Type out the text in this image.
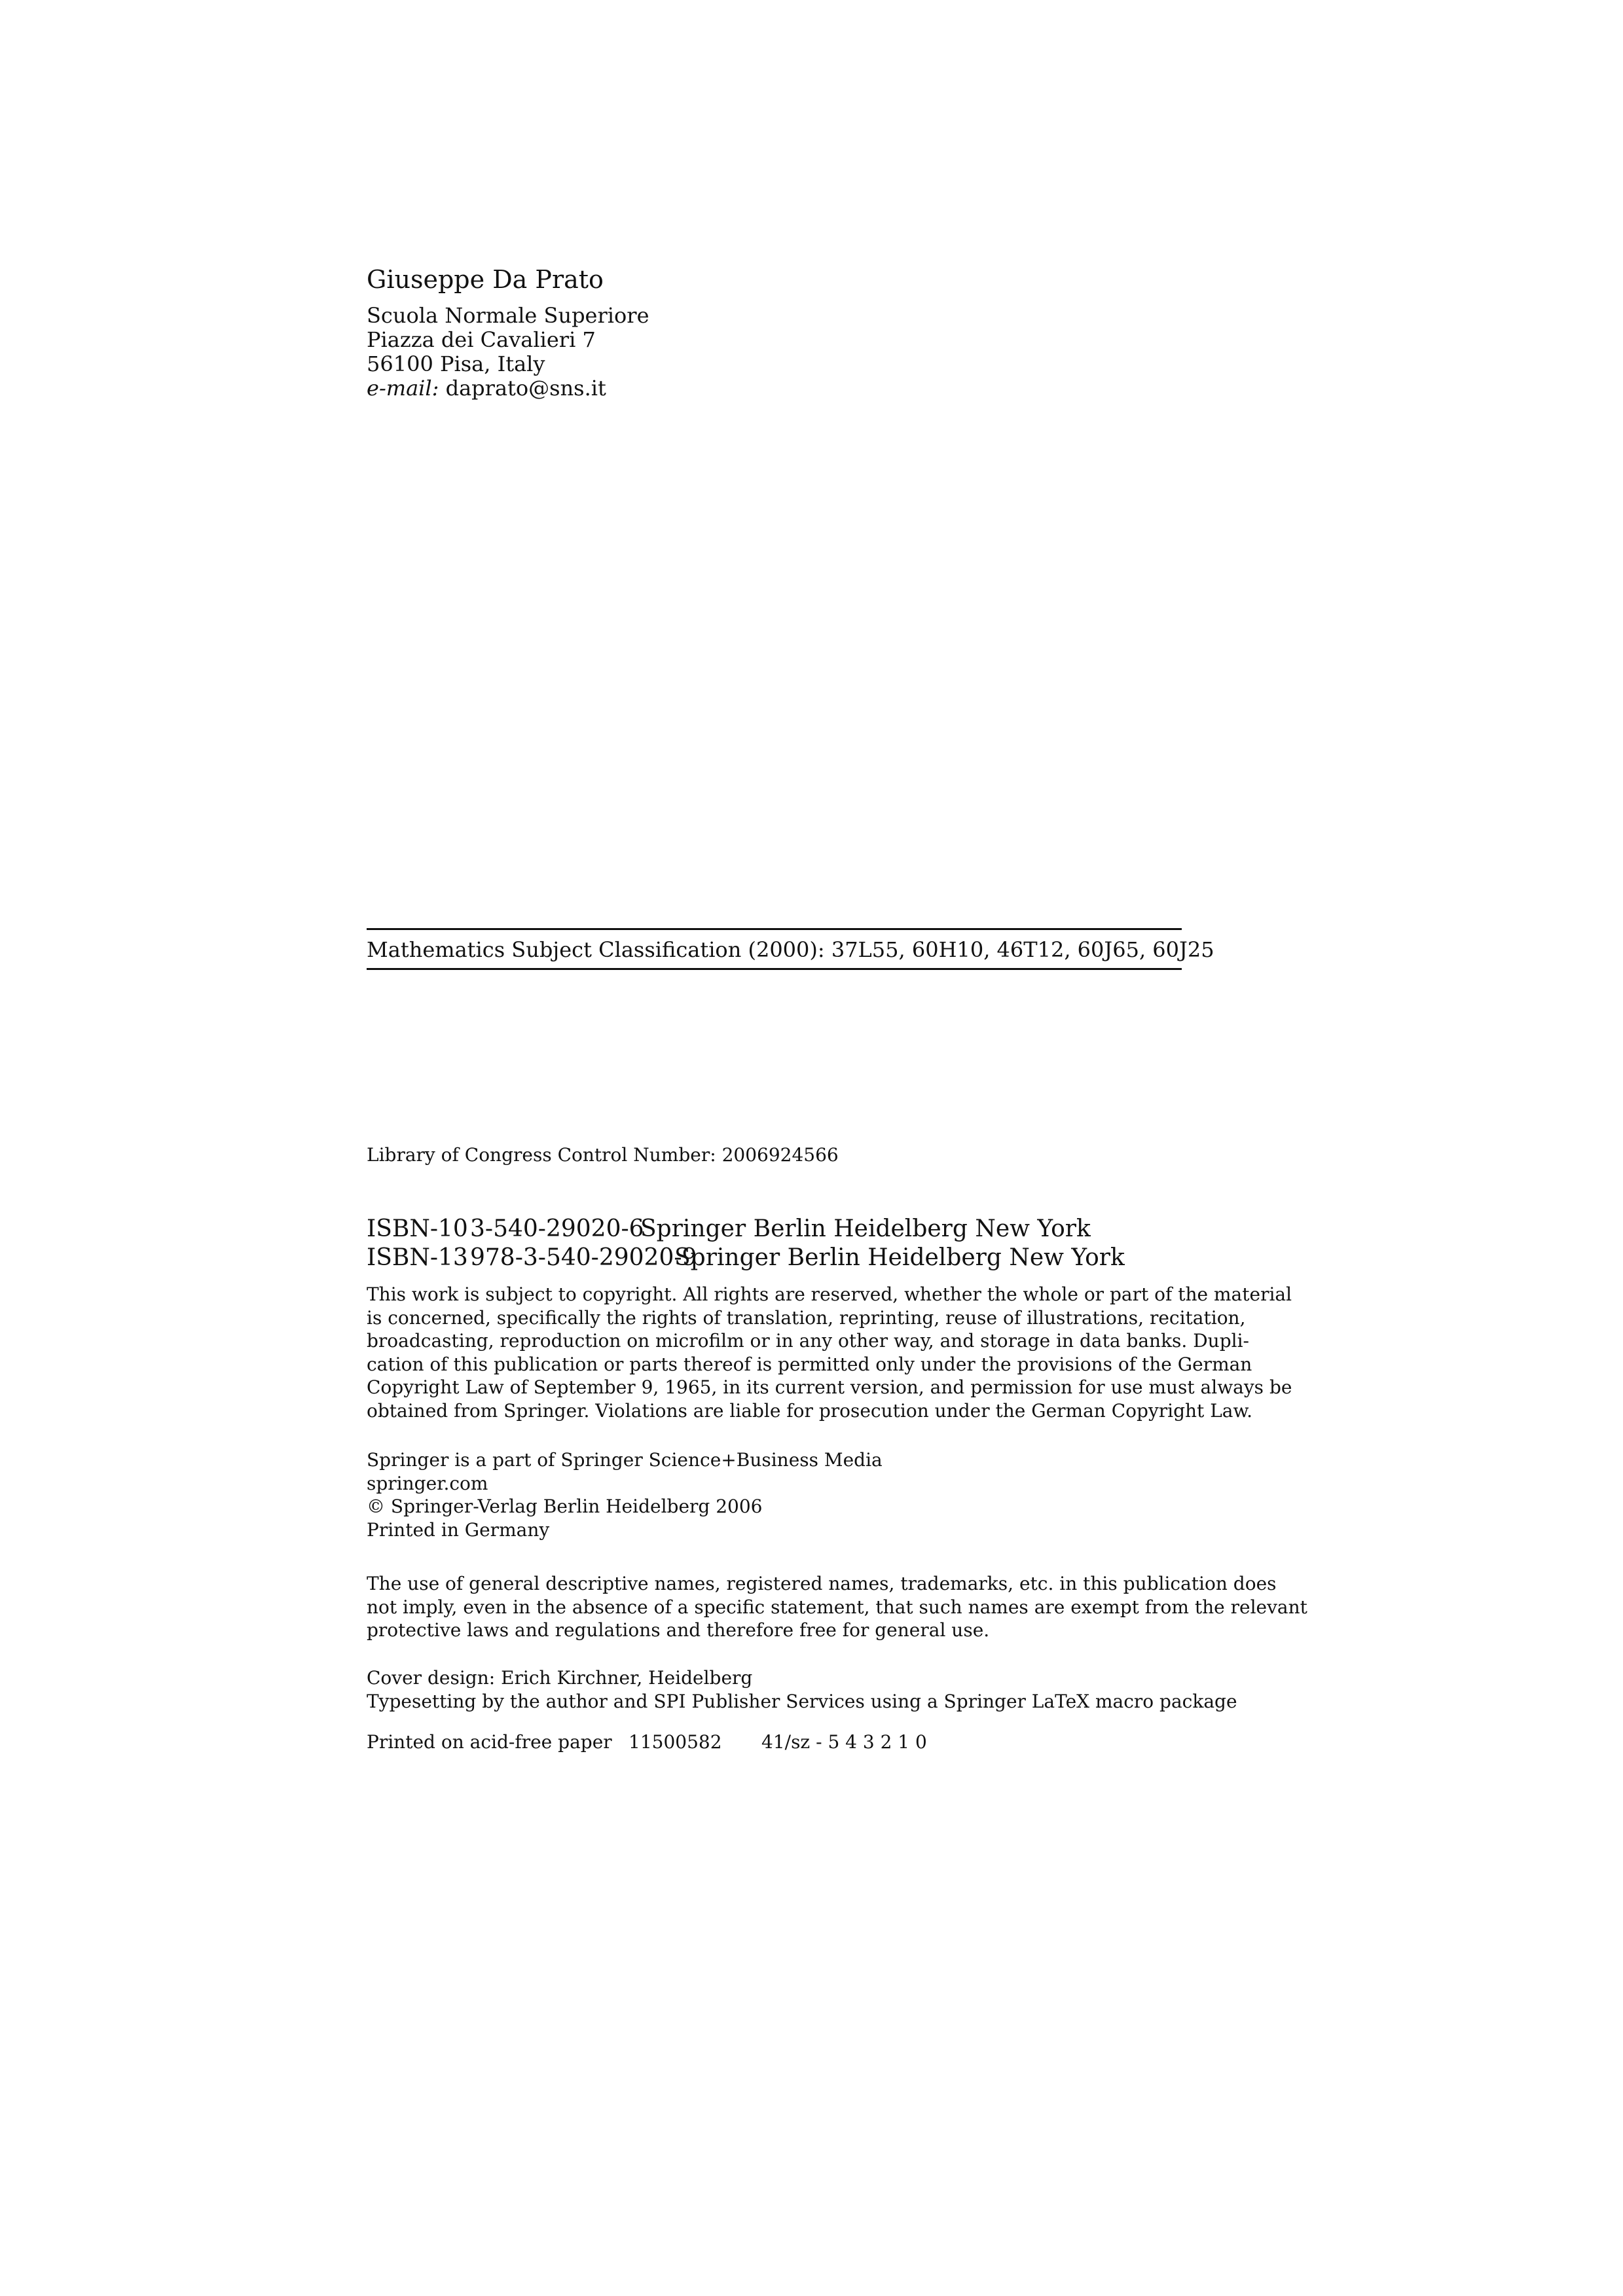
Giuseppe Da Prato
Scuola Normale Superiore
Piazza dei Cavalieri 7
56100 Pisa, Italy
e-mail: daprato@sns.it
Mathematics Subject Classification (2000): 37L55, 60H10, 46T12, 60J65, 60J25
Library of Congress Control Number: 2006924566
ISBN-103-540-29020-6Springer Berlin Heidelberg New York
ISBN-13978-3-540-29020-9Springer Berlin Heidelberg New York
This work is subject to copyright. All rights are reserved, whether the whole or part of the material
is concerned, specifically the rights of translation, reprinting, reuse of illustrations, recitation,
broadcasting, reproduction on microfilm or in any other way, and storage in data banks. Dupli-
cation of this publication or parts thereof is permitted only under the provisions of the German
Copyright Law of September 9, 1965, in its current version, and permission for use must always be
obtained from Springer. Violations are liable for prosecution under the German Copyright Law.
Springer is a part of Springer Science+Business Media
springer.com
© Springer-Verlag Berlin Heidelberg 2006
Printed in Germany
The use of general descriptive names, registered names, trademarks, etc. in this publication does
not imply, even in the absence of a specific statement, that such names are exempt from the relevant
protective laws and regulations and therefore free for general use.
Cover design: Erich Kirchner, Heidelberg
Typesetting by the author and SPI Publisher Services using a Springer LaTeX macro package
Printed on acid-free paper 11500582 41/sz - 5 4 3 2 1 0
